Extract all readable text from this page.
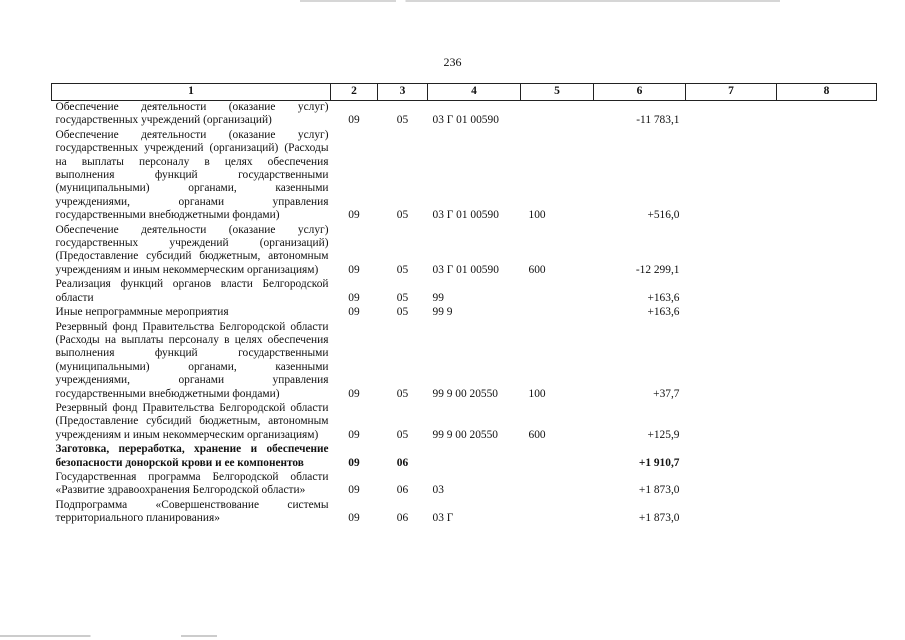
236
1	2	3	4	5	6	7	8
Обеспечение деятельности (оказание услуг) государственных учреждений (организаций)	09	05	03 Г 01 00590		-11 783,1		
Обеспечение деятельности (оказание услуг) государственных учреждений (организаций) (Расходы на выплаты персоналу в целях обеспечения выполнения функций государственными (муниципальными) органами, казенными учреждениями, органами управления государственными внебюджетными фондами)	09	05	03 Г 01 00590	100	+516,0		
Обеспечение деятельности (оказание услуг) государственных учреждений (организаций) (Предоставление субсидий бюджетным, автономным учреждениям и иным некоммерческим организациям)	09	05	03 Г 01 00590	600	-12 299,1		
Реализация функций органов власти Белгородской области	09	05	99		+163,6		
Иные непрограммные мероприятия	09	05	99 9		+163,6		
Резервный фонд Правительства Белгородской области (Расходы на выплаты персоналу в целях обеспечения выполнения функций государственными (муниципальными) органами, казенными учреждениями, органами управления государственными внебюджетными фондами)	09	05	99 9 00 20550	100	+37,7		
Резервный фонд Правительства Белгородской области (Предоставление субсидий бюджетным, автономным учреждениям и иным некоммерческим организациям)	09	05	99 9 00 20550	600	+125,9		
Заготовка, переработка, хранение и обеспечение безопасности донорской крови и ее компонентов	09	06			+1 910,7		
Государственная программа Белгородской области «Развитие здравоохранения Белгородской области»	09	06	03		+1 873,0		
Подпрограмма «Совершенствование системы территориального планирования»	09	06	03 Г		+1 873,0		
